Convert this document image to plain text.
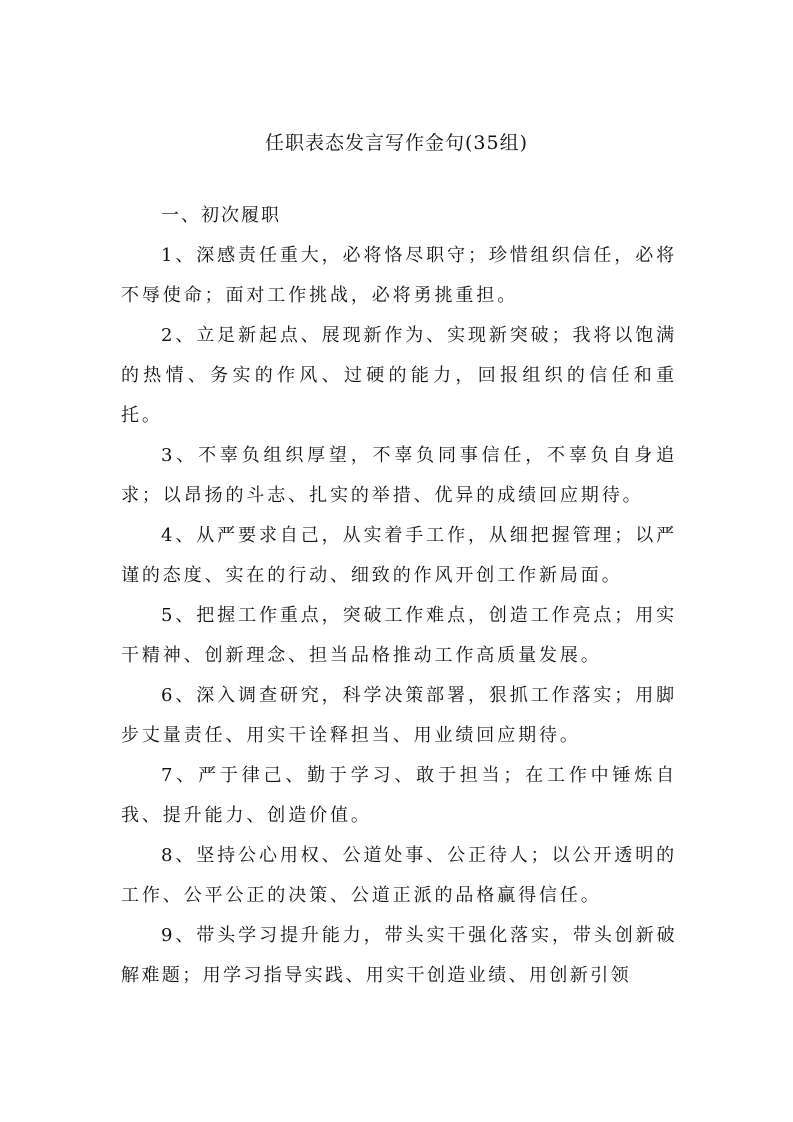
任职表态发言写作金句(35组)

一、初次履职

1、深感责任重大，必将恪尽职守；珍惜组织信任，必将不辱使命；面对工作挑战，必将勇挑重担。

2、立足新起点、展现新作为、实现新突破；我将以饱满的热情、务实的作风、过硬的能力，回报组织的信任和重托。

3、不辜负组织厚望，不辜负同事信任，不辜负自身追求；以昂扬的斗志、扎实的举措、优异的成绩回应期待。

4、从严要求自己，从实着手工作，从细把握管理；以严谨的态度、实在的行动、细致的作风开创工作新局面。

5、把握工作重点，突破工作难点，创造工作亮点；用实干精神、创新理念、担当品格推动工作高质量发展。

6、深入调查研究，科学决策部署，狠抓工作落实；用脚步丈量责任、用实干诠释担当、用业绩回应期待。

7、严于律己、勤于学习、敢于担当；在工作中锤炼自我、提升能力、创造价值。

8、坚持公心用权、公道处事、公正待人；以公开透明的工作、公平公正的决策、公道正派的品格赢得信任。

9、带头学习提升能力，带头实干强化落实，带头创新破解难题；用学习指导实践、用实干创造业绩、用创新引领
